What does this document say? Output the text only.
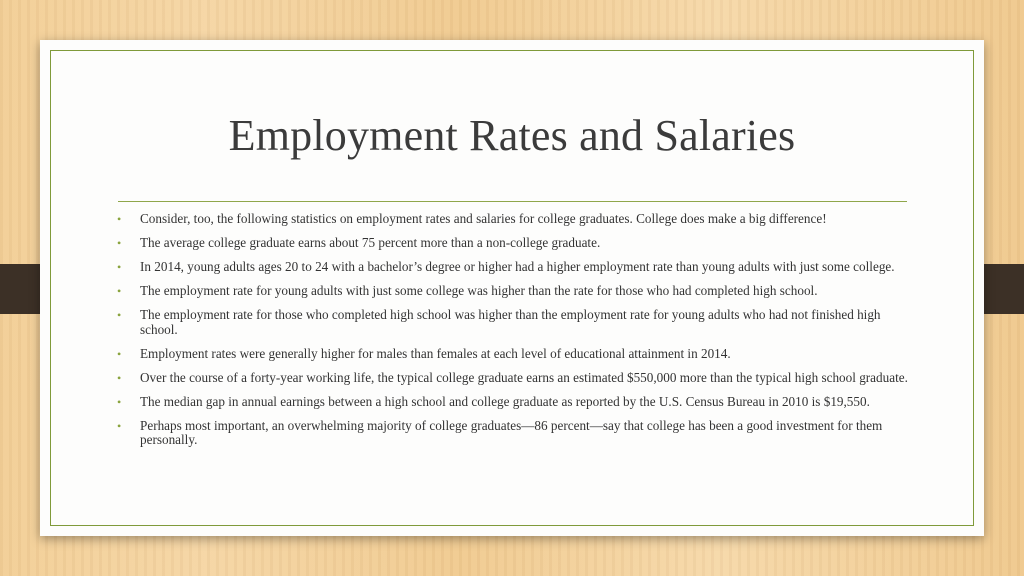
Employment Rates and Salaries
• Consider, too, the following statistics on employment rates and salaries for college graduates. College does make a big difference!
• The average college graduate earns about 75 percent more than a non-college graduate.
• In 2014, young adults ages 20 to 24 with a bachelor’s degree or higher had a higher employment rate than young adults with just some college.
• The employment rate for young adults with just some college was higher than the rate for those who had completed high school.
• The employment rate for those who completed high school was higher than the employment rate for young adults who had not finished high school.
• Employment rates were generally higher for males than females at each level of educational attainment in 2014.
• Over the course of a forty-year working life, the typical college graduate earns an estimated $550,000 more than the typical high school graduate.
• The median gap in annual earnings between a high school and college graduate as reported by the U.S. Census Bureau in 2010 is $19,550.
• Perhaps most important, an overwhelming majority of college graduates—86 percent—say that college has been a good investment for them personally.
